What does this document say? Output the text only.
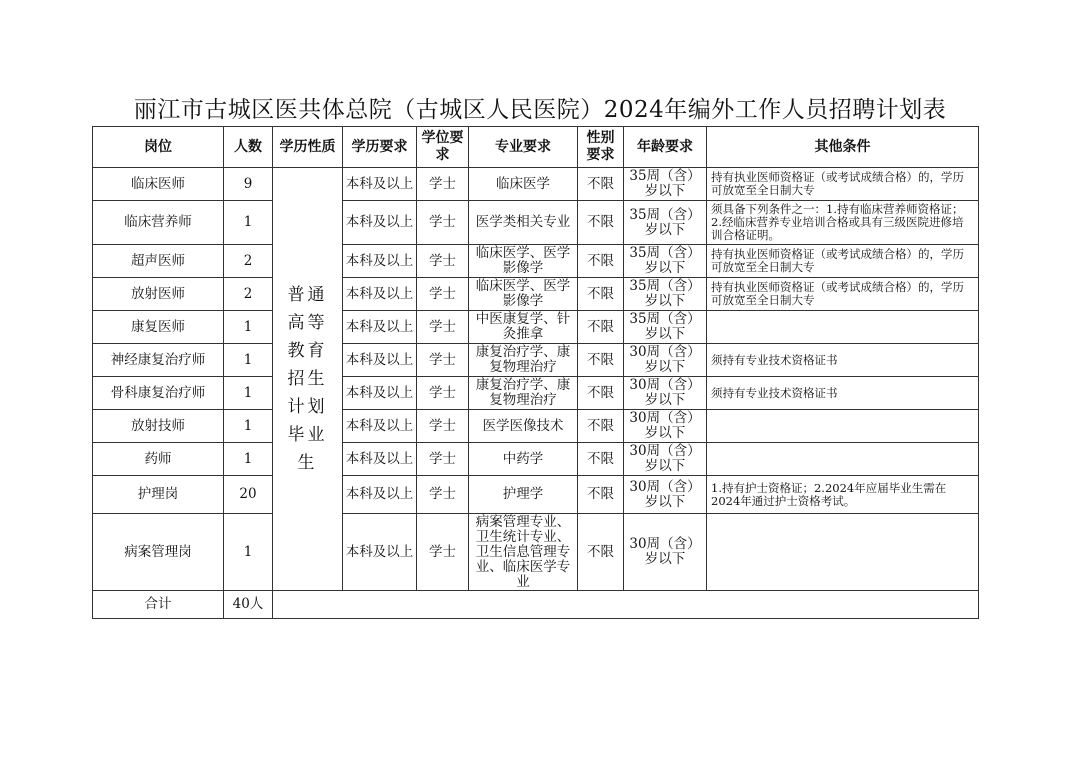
丽江市古城区医共体总院（古城区人民医院）2024年编外工作人员招聘计划表
岗位	人数	学历性质	学历要求	学位要求	专业要求	性别要求	年龄要求	其他条件
临床医师	9	普通高等教育招生计划毕业生	本科及以上	学士	临床医学	不限	35周（含）岁以下	持有执业医师资格证（或考试成绩合格）的，学历可放宽至全日制大专
临床营养师	1		本科及以上	学士	医学类相关专业	不限	35周（含）岁以下	须具备下列条件之一：1.持有临床营养师资格证；2.经临床营养专业培训合格或具有三级医院进修培训合格证明。
超声医师	2		本科及以上	学士	临床医学、医学影像学	不限	35周（含）岁以下	持有执业医师资格证（或考试成绩合格）的，学历可放宽至全日制大专
放射医师	2		本科及以上	学士	临床医学、医学影像学	不限	35周（含）岁以下	持有执业医师资格证（或考试成绩合格）的，学历可放宽至全日制大专
康复医师	1		本科及以上	学士	中医康复学、针灸推拿	不限	35周（含）岁以下	
神经康复治疗师	1		本科及以上	学士	康复治疗学、康复物理治疗	不限	30周（含）岁以下	须持有专业技术资格证书
骨科康复治疗师	1		本科及以上	学士	康复治疗学、康复物理治疗	不限	30周（含）岁以下	须持有专业技术资格证书
放射技师	1		本科及以上	学士	医学医像技术	不限	30周（含）岁以下	
药师	1		本科及以上	学士	中药学	不限	30周（含）岁以下	
护理岗	20		本科及以上	学士	护理学	不限	30周（含）岁以下	1.持有护士资格证；2.2024年应届毕业生需在2024年通过护士资格考试。
病案管理岗	1		本科及以上	学士	病案管理专业、卫生统计专业、卫生信息管理专业、临床医学专业	不限	30周（含）岁以下	
合计	40人							
